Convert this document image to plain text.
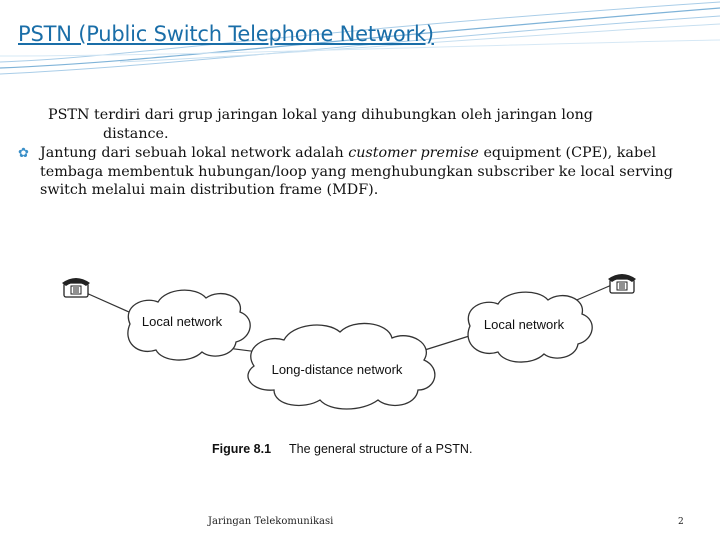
PSTN (Public Switch Telephone Network)
PSTN terdiri dari grup jaringan lokal yang dihubungkan oleh jaringan long
distance.
✿ Jantung dari sebuah lokal network adalah customer premise equipment (CPE), kabel tembaga membentuk hubungan/loop yang menghubungkan subscriber ke local serving switch melalui main distribution frame (MDF).
Local network
Long-distance network
Local network
Figure 8.1 The general structure of a PSTN.
Jaringan Telekomunikasi	2
